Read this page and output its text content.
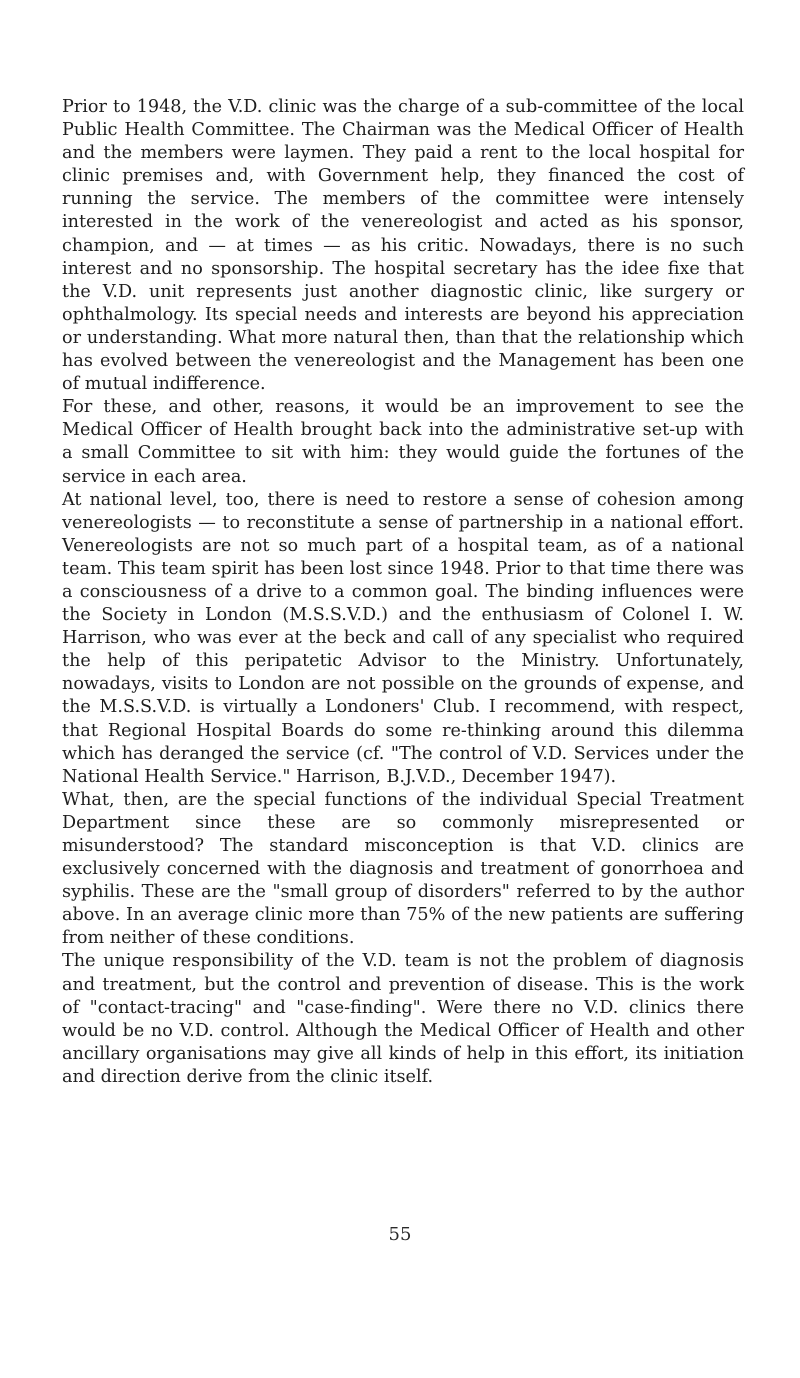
Prior to 1948, the V.D. clinic was the charge of a sub-committee of the local Public Health Committee. The Chairman was the Medical Officer of Health and the members were laymen. They paid a rent to the local hospital for clinic premises and, with Government help, they financed the cost of running the service. The members of the committee were intensely interested in the work of the venereologist and acted as his sponsor, champion, and — at times — as his critic. Nowadays, there is no such interest and no sponsorship. The hospital secretary has the idee fixe that the V.D. unit represents just another diagnostic clinic, like surgery or ophthalmology. Its special needs and interests are beyond his appreciation or understanding. What more natural then, than that the relationship which has evolved between the venereologist and the Management has been one of mutual indifference.

For these, and other, reasons, it would be an improvement to see the Medical Officer of Health brought back into the administrative set-up with a small Committee to sit with him: they would guide the fortunes of the service in each area.

At national level, too, there is need to restore a sense of cohesion among venereologists — to reconstitute a sense of partnership in a national effort. Venereologists are not so much part of a hospital team, as of a national team. This team spirit has been lost since 1948. Prior to that time there was a consciousness of a drive to a common goal. The binding influences were the Society in London (M.S.S.V.D.) and the enthusiasm of Colonel I. W. Harrison, who was ever at the beck and call of any specialist who required the help of this peripatetic Advisor to the Ministry. Unfortunately, nowadays, visits to London are not possible on the grounds of expense, and the M.S.S.V.D. is virtually a Londoners' Club. I recommend, with respect, that Regional Hospital Boards do some re-thinking around this dilemma which has deranged the service (cf. "The control of V.D. Services under the National Health Service." Harrison, B.J.V.D., December 1947).

What, then, are the special functions of the individual Special Treatment Department since these are so commonly misrepresented or misunderstood? The standard misconception is that V.D. clinics are exclusively concerned with the diagnosis and treatment of gonorrhoea and syphilis. These are the "small group of disorders" referred to by the author above. In an average clinic more than 75% of the new patients are suffering from neither of these conditions.

The unique responsibility of the V.D. team is not the problem of diagnosis and treatment, but the control and prevention of disease. This is the work of "contact-tracing" and "case-finding". Were there no V.D. clinics there would be no V.D. control. Although the Medical Officer of Health and other ancillary organisations may give all kinds of help in this effort, its initiation and direction derive from the clinic itself.

55
